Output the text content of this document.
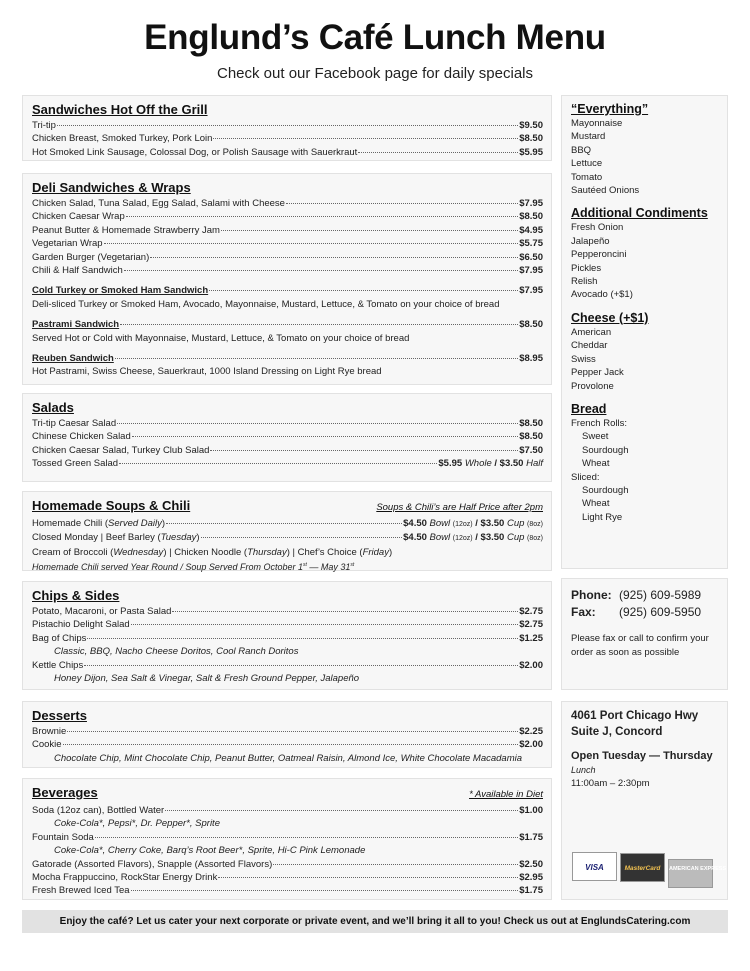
Englund’s Café Lunch Menu
Check out our Facebook page for daily specials
Sandwiches Hot Off the Grill
Tri-tip	$9.50
Chicken Breast, Smoked Turkey, Pork Loin	$8.50
Hot Smoked Link Sausage, Colossal Dog, or Polish Sausage with Sauerkraut	$5.95
Deli Sandwiches & Wraps
Chicken Salad, Tuna Salad, Egg Salad, Salami with Cheese	$7.95
Chicken Caesar Wrap	$8.50
Peanut Butter & Homemade Strawberry Jam	$4.95
Vegetarian Wrap	$5.75
Garden Burger (Vegetarian)	$6.50
Chili & Half Sandwich	$7.95
Cold Turkey or Smoked Ham Sandwich	$7.95
Deli-sliced Turkey or Smoked Ham, Avocado, Mayonnaise, Mustard, Lettuce, & Tomato on your choice of bread
Pastrami Sandwich	$8.50
Served Hot or Cold with Mayonnaise, Mustard, Lettuce, & Tomato on your choice of bread
Reuben Sandwich	$8.95
Hot Pastrami, Swiss Cheese, Sauerkraut, 1000 Island Dressing on Light Rye bread
Salads
Tri-tip Caesar Salad	$8.50
Chinese Chicken Salad	$8.50
Chicken Caesar Salad, Turkey Club Salad	$7.50
Tossed Green Salad	$5.95 Whole / $3.50 Half
Homemade Soups & Chili	Soups & Chili’s are Half Price after 2pm
Homemade Chili (Served Daily)	$4.50 Bowl (12oz) / $3.50 Cup (8oz)
Closed Monday | Beef Barley (Tuesday)	$4.50 Bowl (12oz) / $3.50 Cup (8oz)
Cream of Broccoli (Wednesday) | Chicken Noodle (Thursday) | Chef’s Choice (Friday)
Homemade Chili served Year Round / Soup Served From October 1st — May 31st
Chips & Sides
Potato, Macaroni, or Pasta Salad	$2.75
Pistachio Delight Salad	$2.75
Bag of Chips	$1.25
Classic, BBQ, Nacho Cheese Doritos, Cool Ranch Doritos
Kettle Chips	$2.00
Honey Dijon, Sea Salt & Vinegar, Salt & Fresh Ground Pepper, Jalapeño
Desserts
Brownie	$2.25
Cookie	$2.00
Chocolate Chip, Mint Chocolate Chip, Peanut Butter, Oatmeal Raisin, Almond Ice, White Chocolate Macadamia
Beverages	* Available in Diet
Soda (12oz can), Bottled Water	$1.00
Coke-Cola*, Pepsi*, Dr. Pepper*, Sprite
Fountain Soda	$1.75
Coke-Cola*, Cherry Coke, Barq’s Root Beer*, Sprite, Hi-C Pink Lemonade
Gatorade (Assorted Flavors), Snapple (Assorted Flavors)	$2.50
Mocha Frappuccino, RockStar Energy Drink	$2.95
Fresh Brewed Iced Tea	$1.75
“Everything”
Mayonnaise
Mustard
BBQ
Lettuce
Tomato
Sautéed Onions
Additional Condiments
Fresh Onion
Jalapeño
Pepperoncini
Pickles
Relish
Avocado (+$1)
Cheese (+$1)
American
Cheddar
Swiss
Pepper Jack
Provolone
Bread
French Rolls:
Sweet
Sourdough
Wheat
Sliced:
Sourdough
Wheat
Light Rye
Phone: (925) 609-5989
Fax: (925) 609-5950
Please fax or call to confirm your order as soon as possible
4061 Port Chicago Hwy
Suite J, Concord
Open Tuesday — Thursday
Lunch
11:00am – 2:30pm
VISA	MasterCard AMERICAN EXPRESS
Enjoy the café? Let us cater your next corporate or private event, and we’ll bring it all to you! Check us out at EnglundsCatering.com
